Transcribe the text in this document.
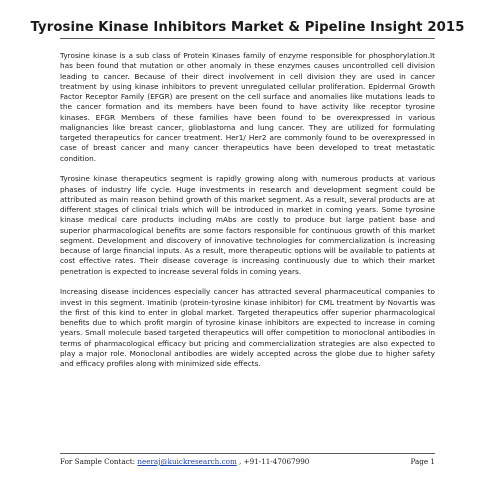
Tyrosine Kinase Inhibitors Market & Pipeline Insight 2015

Tyrosine kinase is a sub class of Protein Kinases family of enzyme responsible for phosphorylation.It has been found that mutation or other anomaly in these enzymes causes uncontrolled cell division leading to cancer. Because of their direct involvement in cell division they are used in cancer treatment by using kinase inhibitors to prevent unregulated cellular proliferation. Epidermal Growth Factor Receptor Family (EFGR) are present on the cell surface and anomalies like mutations leads to the cancer formation and its members have been found to have activity like receptor tyrosine kinases. EFGR Members of these families have been found to be overexpressed in various malignancies like breast cancer, glioblastoma and lung cancer. They are utilized for formulating targeted therapeutics for cancer treatment. Her1/ Her2 are commonly found to be overexpressed in case of breast cancer and many cancer therapeutics have been developed to treat metastatic condition.

Tyrosine kinase therapeutics segment is rapidly growing along with numerous products at various phases of industry life cycle. Huge investments in research and development segment could be attributed as main reason behind growth of this market segment. As a result, several products are at different stages of clinical trials which will be introduced in market in coming years. Some tyrosine kinase medical care products including mAbs are costly to produce but large patient base and superior pharmacological benefits are some factors responsible for continuous growth of this market segment. Development and discovery of innovative technologies for commercialization is increasing because of large financial inputs. As a result, more therapeutic options will be available to patients at cost effective rates. Their disease coverage is increasing continuously due to which their market penetration is expected to increase several folds in coming years.

Increasing disease incidences especially cancer has attracted several pharmaceutical companies to invest in this segment. Imatinib (protein-tyrosine kinase inhibitor) for CML treatment by Novartis was the first of this kind to enter in global market. Targeted therapeutics offer superior pharmacological benefits due to which profit margin of tyrosine kinase inhibitors are expected to increase in coming years. Small molecule based targeted therapeutics will offer competition to monoclonal antibodies in terms of pharmacological efficacy but pricing and commercialization strategies are also expected to play a major role. Monoclonal antibodies are widely accepted across the globe due to higher safety and efficacy profiles along with minimized side effects.

For Sample Contact: neeraj@kuickresearch.com , +91-11-47067990	Page 1
